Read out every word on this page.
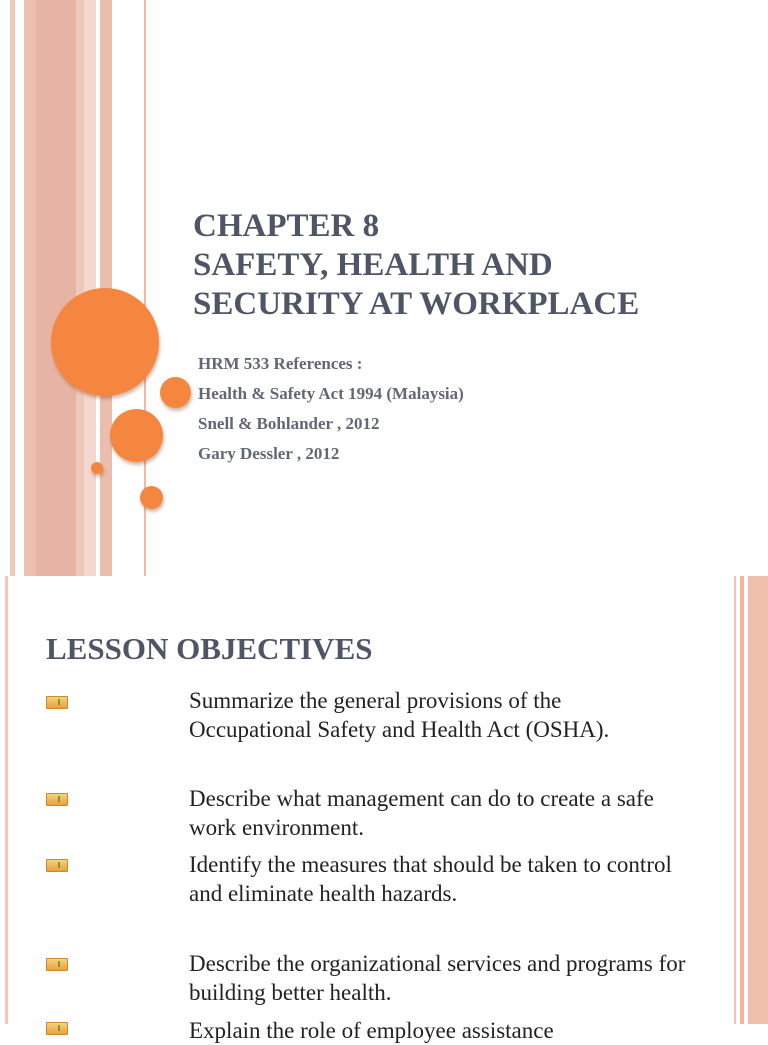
CHAPTER 8
SAFETY, HEALTH AND
SECURITY AT WORKPLACE

HRM 533 References :

Health & Safety Act 1994 (Malaysia)

Snell & Bohlander , 2012

Gary Dessler , 2012

LESSON OBJECTIVES

Summarize the general provisions of the Occupational Safety and Health Act (OSHA).

Describe what management can do to create a safe work environment.

Identify the measures that should be taken to control and eliminate health hazards.

Describe the organizational services and programs for building better health.

Explain the role of employee assistance
